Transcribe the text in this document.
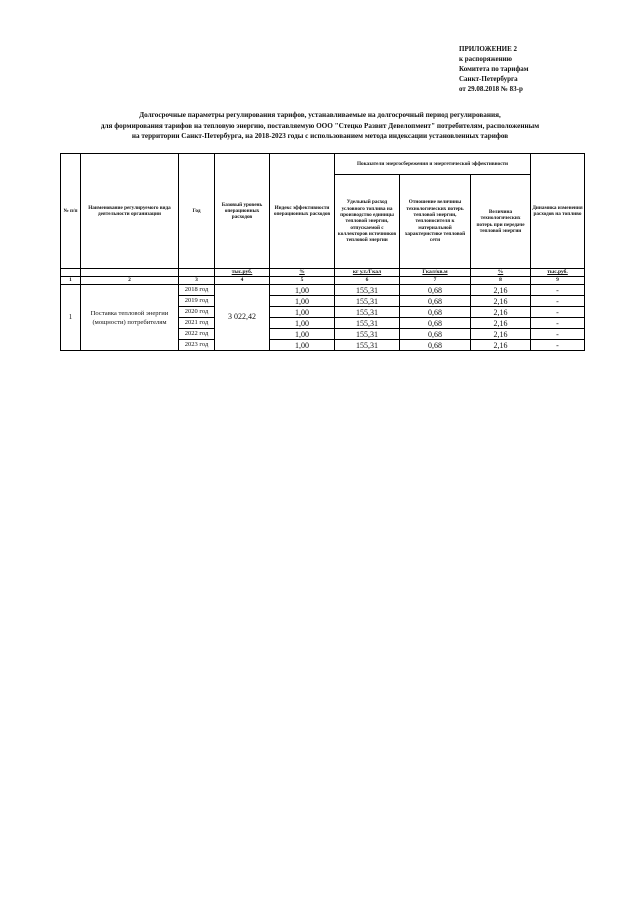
ПРИЛОЖЕНИЕ 2
к распоряжению
Комитета по тарифам
Санкт-Петербурга
от 29.08.2018 № 83-р
Долгосрочные параметры регулирования тарифов, устанавливаемые на долгосрочный период регулирования,
для формирования тарифов на тепловую энергию, поставляемую ООО "Стецко Развит Девелопмент" потребителям, расположенным
на территории Санкт-Петербурга, на 2018-2023 годы с использованием метода индексации установленных тарифов
№ п/п	Наименование регулируемого вида деятельности организации	Год	Базовый уровень операционных расходов	Индекс эффективности операционных расходов	Показатели энергосбережения и энергетической эффективности			Динамика изменения расходов на топливо
					Удельный расход условного топлива на производство единицы тепловой энергии, отпускаемой с коллекторов источников тепловой энергии	Отношение величины технологических потерь тепловой энергии, теплоносителя к материальной характеристике тепловой сети	Величина технологических потерь при передаче тепловой энергии	
			тыс.руб.	%	кг у.т./Гкал	Гкал/кв.м	%	тыс.руб.
1	2	3	4	5	6	7	8	9
1	Поставка тепловой энергии (мощности) потребителям	2018 год	3 022,42	1,00	155,31	0,68	2,16	-
		2019 год		1,00	155,31	0,68	2,16	-
		2020 год		1,00	155,31	0,68	2,16	-
		2021 год		1,00	155,31	0,68	2,16	-
		2022 год		1,00	155,31	0,68	2,16	-
		2023 год		1,00	155,31	0,68	2,16	-
